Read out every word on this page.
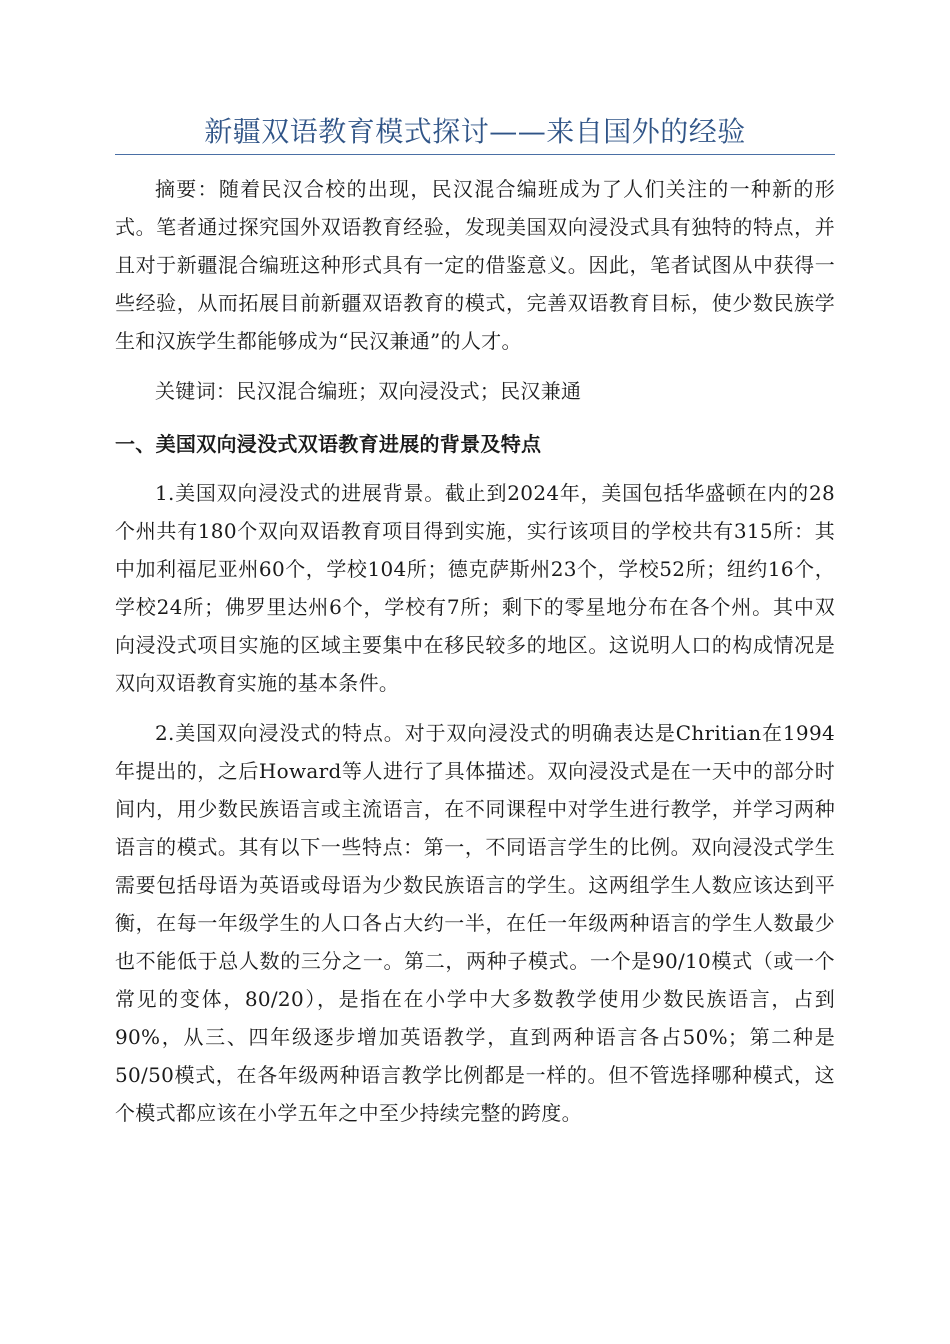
新疆双语教育模式探讨——来自国外的经验

摘要：随着民汉合校的出现，民汉混合编班成为了人们关注的一种新的形式。笔者通过探究国外双语教育经验，发现美国双向浸没式具有独特的特点，并且对于新疆混合编班这种形式具有一定的借鉴意义。因此，笔者试图从中获得一些经验，从而拓展目前新疆双语教育的模式，完善双语教育目标，使少数民族学生和汉族学生都能够成为“民汉兼通”的人才。

关键词：民汉混合编班；双向浸没式；民汉兼通

一、美国双向浸没式双语教育进展的背景及特点

1.美国双向浸没式的进展背景。截止到2024年，美国包括华盛顿在内的28个州共有180个双向双语教育项目得到实施，实行该项目的学校共有315所：其中加利福尼亚州60个，学校104所；德克萨斯州23个，学校52所；纽约16个，学校24所；佛罗里达州6个，学校有7所；剩下的零星地分布在各个州。其中双向浸没式项目实施的区域主要集中在移民较多的地区。这说明人口的构成情况是双向双语教育实施的基本条件。

2.美国双向浸没式的特点。对于双向浸没式的明确表达是Chritian在1994年提出的，之后Howard等人进行了具体描述。双向浸没式是在一天中的部分时间内，用少数民族语言或主流语言，在不同课程中对学生进行教学，并学习两种语言的模式。其有以下一些特点：第一，不同语言学生的比例。双向浸没式学生需要包括母语为英语或母语为少数民族语言的学生。这两组学生人数应该达到平衡，在每一年级学生的人口各占大约一半，在任一年级两种语言的学生人数最少也不能低于总人数的三分之一。第二，两种子模式。一个是90/10模式（或一个常见的变体，80/20），是指在在小学中大多数教学使用少数民族语言，占到90%，从三、四年级逐步增加英语教学，直到两种语言各占50%；第二种是50/50模式，在各年级两种语言教学比例都是一样的。但不管选择哪种模式，这个模式都应该在小学五年之中至少持续完整的跨度。
